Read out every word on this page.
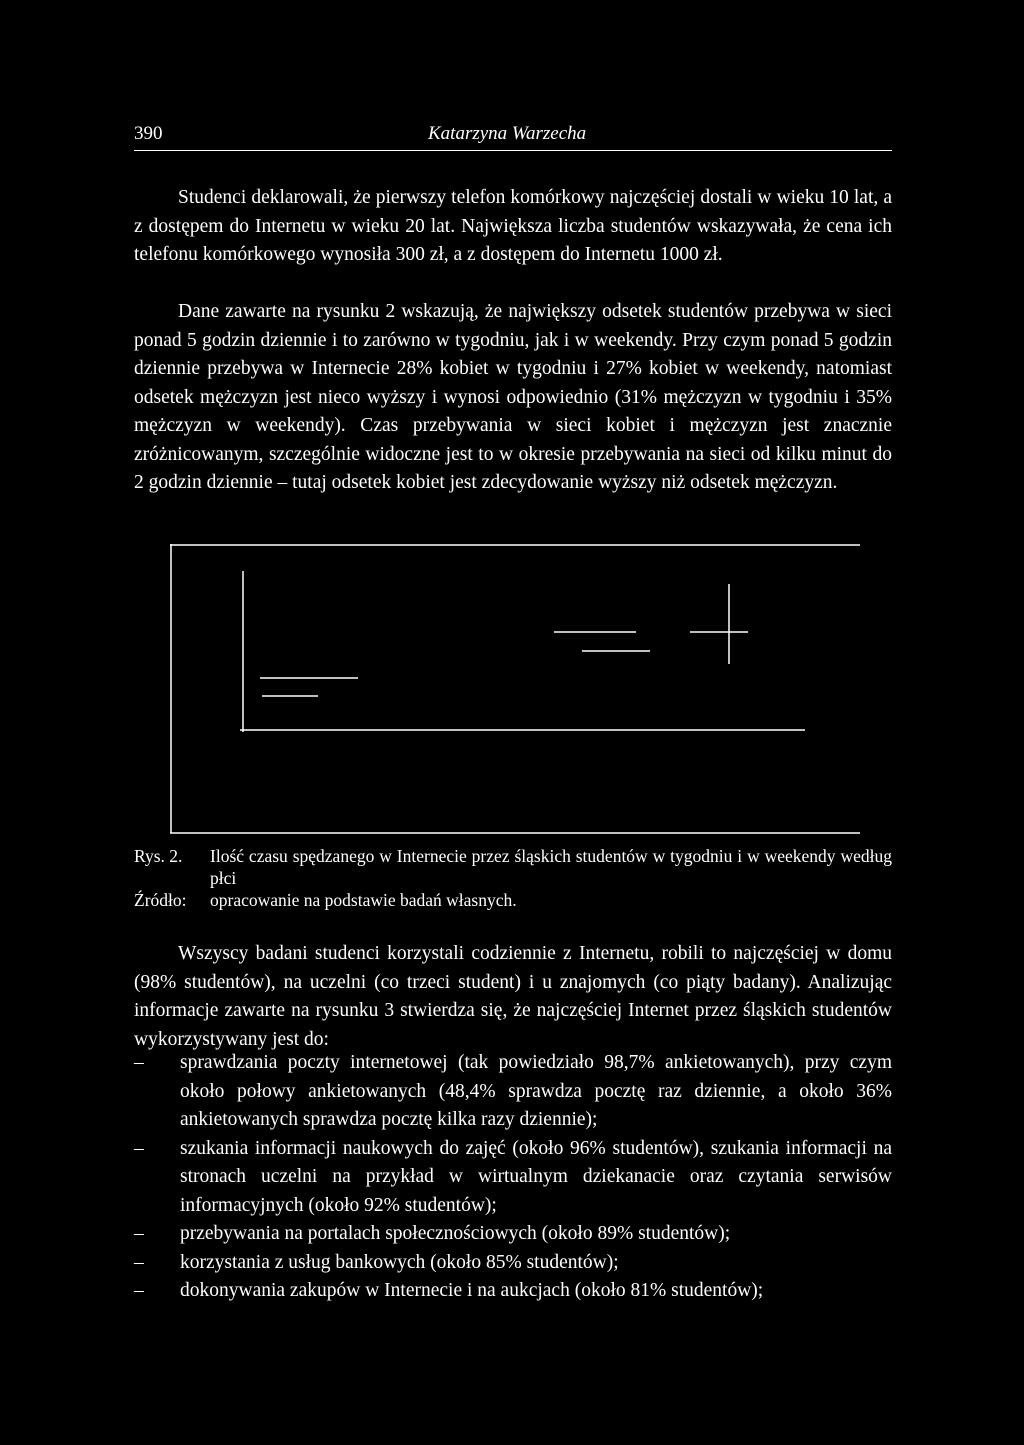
390	Katarzyna Warzecha

Studenci deklarowali, że pierwszy telefon komórkowy najczęściej dostali w wieku 10 lat, a z dostępem do Internetu w wieku 20 lat. Największa liczba studentów wskazywała, że cena ich telefonu komórkowego wynosiła 300 zł, a z dostępem do Internetu 1000 zł.

Dane zawarte na rysunku 2 wskazują, że największy odsetek studentów przebywa w sieci ponad 5 godzin dziennie i to zarówno w tygodniu, jak i w weekendy. Przy czym ponad 5 godzin dziennie przebywa w Internecie 28% kobiet w tygodniu i 27% kobiet w weekendy, natomiast odsetek mężczyzn jest nieco wyższy i wynosi odpowiednio (31% mężczyzn w tygodniu i 35% mężczyzn w weekendy). Czas przebywania w sieci kobiet i mężczyzn jest znacznie zróżnicowanym, szczególnie widoczne jest to w okresie przebywania na sieci od kilku minut do 2 godzin dziennie – tutaj odsetek kobiet jest zdecydowanie wyższy niż odsetek mężczyzn.

Rys. 2. Ilość czasu spędzanego w Internecie przez śląskich studentów w tygodniu i w weekendy według płci
Źródło: opracowanie na podstawie badań własnych.

Wszyscy badani studenci korzystali codziennie z Internetu, robili to najczęściej w domu (98% studentów), na uczelni (co trzeci student) i u znajomych (co piąty badany). Analizując informacje zawarte na rysunku 3 stwierdza się, że najczęściej Internet przez śląskich studentów wykorzystywany jest do:

– sprawdzania poczty internetowej (tak powiedziało 98,7% ankietowanych), przy czym około połowy ankietowanych (48,4% sprawdza pocztę raz dziennie, a około 36% ankietowanych sprawdza pocztę kilka razy dziennie);
– szukania informacji naukowych do zajęć (około 96% studentów), szukania informacji na stronach uczelni na przykład w wirtualnym dziekanacie oraz czytania serwisów informacyjnych (około 92% studentów);
– przebywania na portalach społecznościowych (około 89% studentów);
– korzystania z usług bankowych (około 85% studentów);
– dokonywania zakupów w Internecie i na aukcjach (około 81% studentów);
